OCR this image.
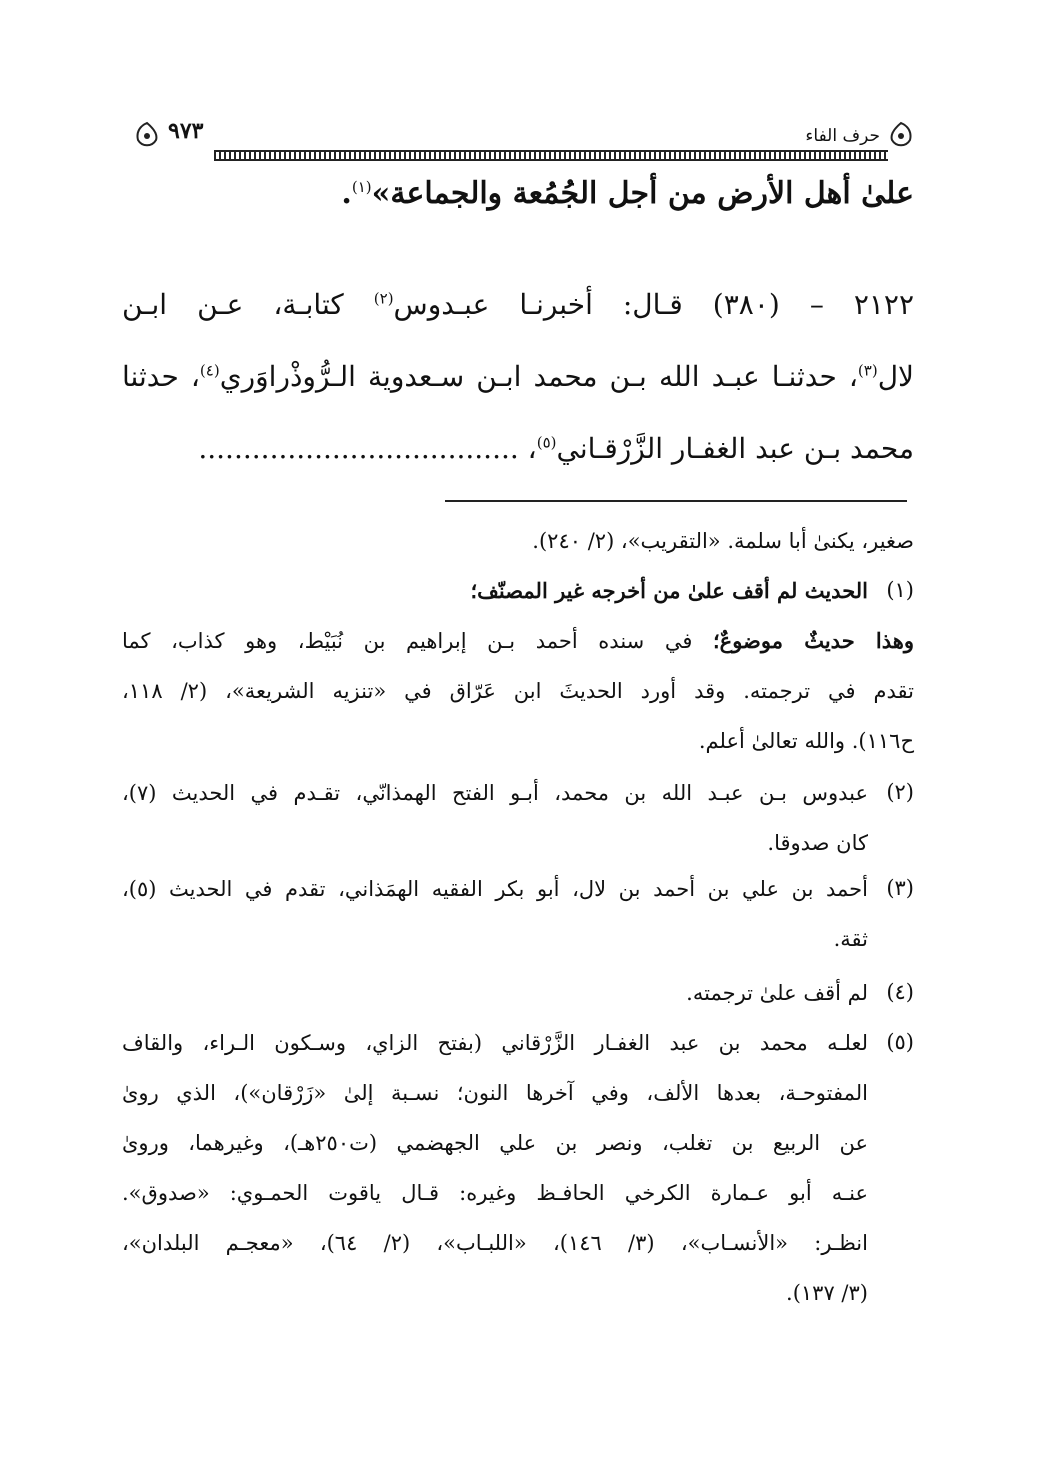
حرف الفاء
٩٧٣
علىٰ أهل الأرض من أجل الجُمُعة والجماعة»$^{(١)}$.
٢١٢٢ – (٣٨٠) قـال: أخبرنـا عبـدوس$^{(٢)}$ كتابـة، عـن ابـن
لال$^{(٣)}$، حدثنـا عبـد الله بـن محمد ابـن سـعدوية الـرُّوذْراوَري$^{(٤)}$، حدثنا
محمد بـن عبد الغفـار الزَّرْقـاني$^{(٥)}$، ....................................
صغير، يكنىٰ أبا سلمة. «التقريب»، (٢/ ٢٤٠).
(١)
الحديث لم أقف علىٰ من أخرجه غير المصنّف؛
وهذا حديثٌ موضوعٌ؛ في سنده أحمد بـن إبراهيم بن نُبَيْط، وهو كذاب، كما
تقدم في ترجمته. وقد أورد الحديثَ ابن عَرّاق في «تنزيه الشريعة»، (٢/ ١١٨،
ح١١٦). والله تعالىٰ أعلم.
(٢)
عبدوس بـن عبـد الله بن محمد، أبـو الفتح الهمذانّي، تقـدم في الحديث (٧)،
كان صدوقا.
(٣)
أحمد بن علي بن أحمد بن لال، أبو بكر الفقيه الهمَذاني، تقدم في الحديث (٥)،
ثقة.
(٤)
لم أقف علىٰ ترجمته.
(٥)
لعلـه محمد بن عبد الغفـار الزَّرْقاني (بفتح الزاي، وسـكون الـراء، والقاف
المفتوحـة، بعدها الألف، وفي آخرها النون؛ نسـبة إلىٰ «زَرْقان»)، الذي روىٰ
عن الربيع بن تغلب، ونصر بن علي الجهضمي (ت٢٥٠هـ)، وغيرهما، وروىٰ
عنـه أبو عـمارة الكرخي الحافـظ وغيره: قـال ياقوت الحمـوي: «صدوق».
انظـر: «الأنسـاب»، (٣/ ١٤٦)، «اللبـاب»، (٢/ ٦٤)، «معجـم البلدان»،
(٣/ ١٣٧).
